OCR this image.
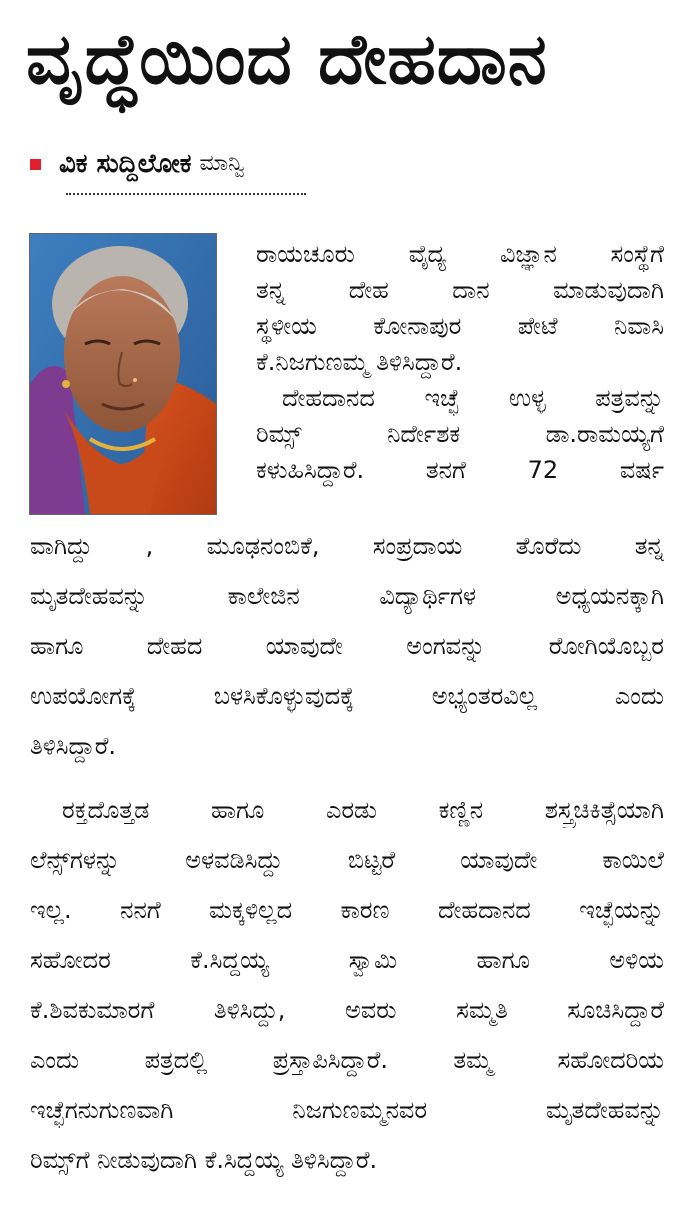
ವೃದ್ಧೆಯಿಂದ ದೇಹದಾನ
ವಿಕ ಸುದ್ದಿಲೋಕ ಮಾನ್ವಿ
ರಾಯಚೂರು ವೈದ್ಯ ವಿಜ್ಞಾನ ಸಂಸ್ಥೆಗೆ
ತನ್ನ ದೇಹ ದಾನ ಮಾಡುವುದಾಗಿ
ಸ್ಥಳೀಯ ಕೋನಾಪುರ ಪೇಟೆ ನಿವಾಸಿ
ಕೆ.ನಿಜಗುಣಮ್ಮ ತಿಳಿಸಿದ್ದಾರೆ.
ದೇಹದಾನದ ಇಚ್ಛೆ ಉಳ್ಳ ಪತ್ರವನ್ನು
ರಿಮ್ಸ್ ನಿರ್ದೇಶಕ ಡಾ.ರಾಮಯ್ಯಗೆ
ಕಳುಹಿಸಿದ್ದಾರೆ. ತನಗೆ 72 ವರ್ಷ
ವಾಗಿದ್ದು , ಮೂಢನಂಬಿಕೆ, ಸಂಪ್ರದಾಯ ತೊರೆದು ತನ್ನ
ಮೃತದೇಹವನ್ನು ಕಾಲೇಜಿನ ವಿದ್ಯಾರ್ಥಿಗಳ ಅಧ್ಯಯನಕ್ಕಾಗಿ
ಹಾಗೂ ದೇಹದ ಯಾವುದೇ ಅಂಗವನ್ನು ರೋಗಿಯೊಬ್ಬರ
ಉಪಯೋಗಕ್ಕೆ ಬಳಸಿಕೊಳ್ಳುವುದಕ್ಕೆ ಅಭ್ಯಂತರವಿಲ್ಲ ಎಂದು
ತಿಳಿಸಿದ್ದಾರೆ.
ರಕ್ತದೊತ್ತಡ ಹಾಗೂ ಎರಡು ಕಣ್ಣಿನ ಶಸ್ತ್ರಚಿಕಿತ್ಸೆಯಾಗಿ
ಲೆನ್ಸ್‌ಗಳನ್ನು ಅಳವಡಿಸಿದ್ದು ಬಿಟ್ಟರೆ ಯಾವುದೇ ಕಾಯಿಲೆ
ಇಲ್ಲ. ನನಗೆ ಮಕ್ಕಳಿಲ್ಲದ ಕಾರಣ ದೇಹದಾನದ ಇಚ್ಛೆಯನ್ನು
ಸಹೋದರ ಕೆ.ಸಿದ್ದಯ್ಯ ಸ್ವಾಮಿ ಹಾಗೂ ಅಳಿಯ
ಕೆ.ಶಿವಕುಮಾರಗೆ ತಿಳಿಸಿದ್ದು, ಅವರು ಸಮ್ಮತಿ ಸೂಚಿಸಿದ್ದಾರೆ
ಎಂದು ಪತ್ರದಲ್ಲಿ ಪ್ರಸ್ತಾಪಿಸಿದ್ದಾರೆ. ತಮ್ಮ ಸಹೋದರಿಯ
ಇಚ್ಛೆಗನುಗುಣವಾಗಿ ನಿಜಗುಣಮ್ಮನವರ ಮೃತದೇಹವನ್ನು
ರಿಮ್ಸ್‌ಗೆ ನೀಡುವುದಾಗಿ ಕೆ.ಸಿದ್ದಯ್ಯ ತಿಳಿಸಿದ್ದಾರೆ.
